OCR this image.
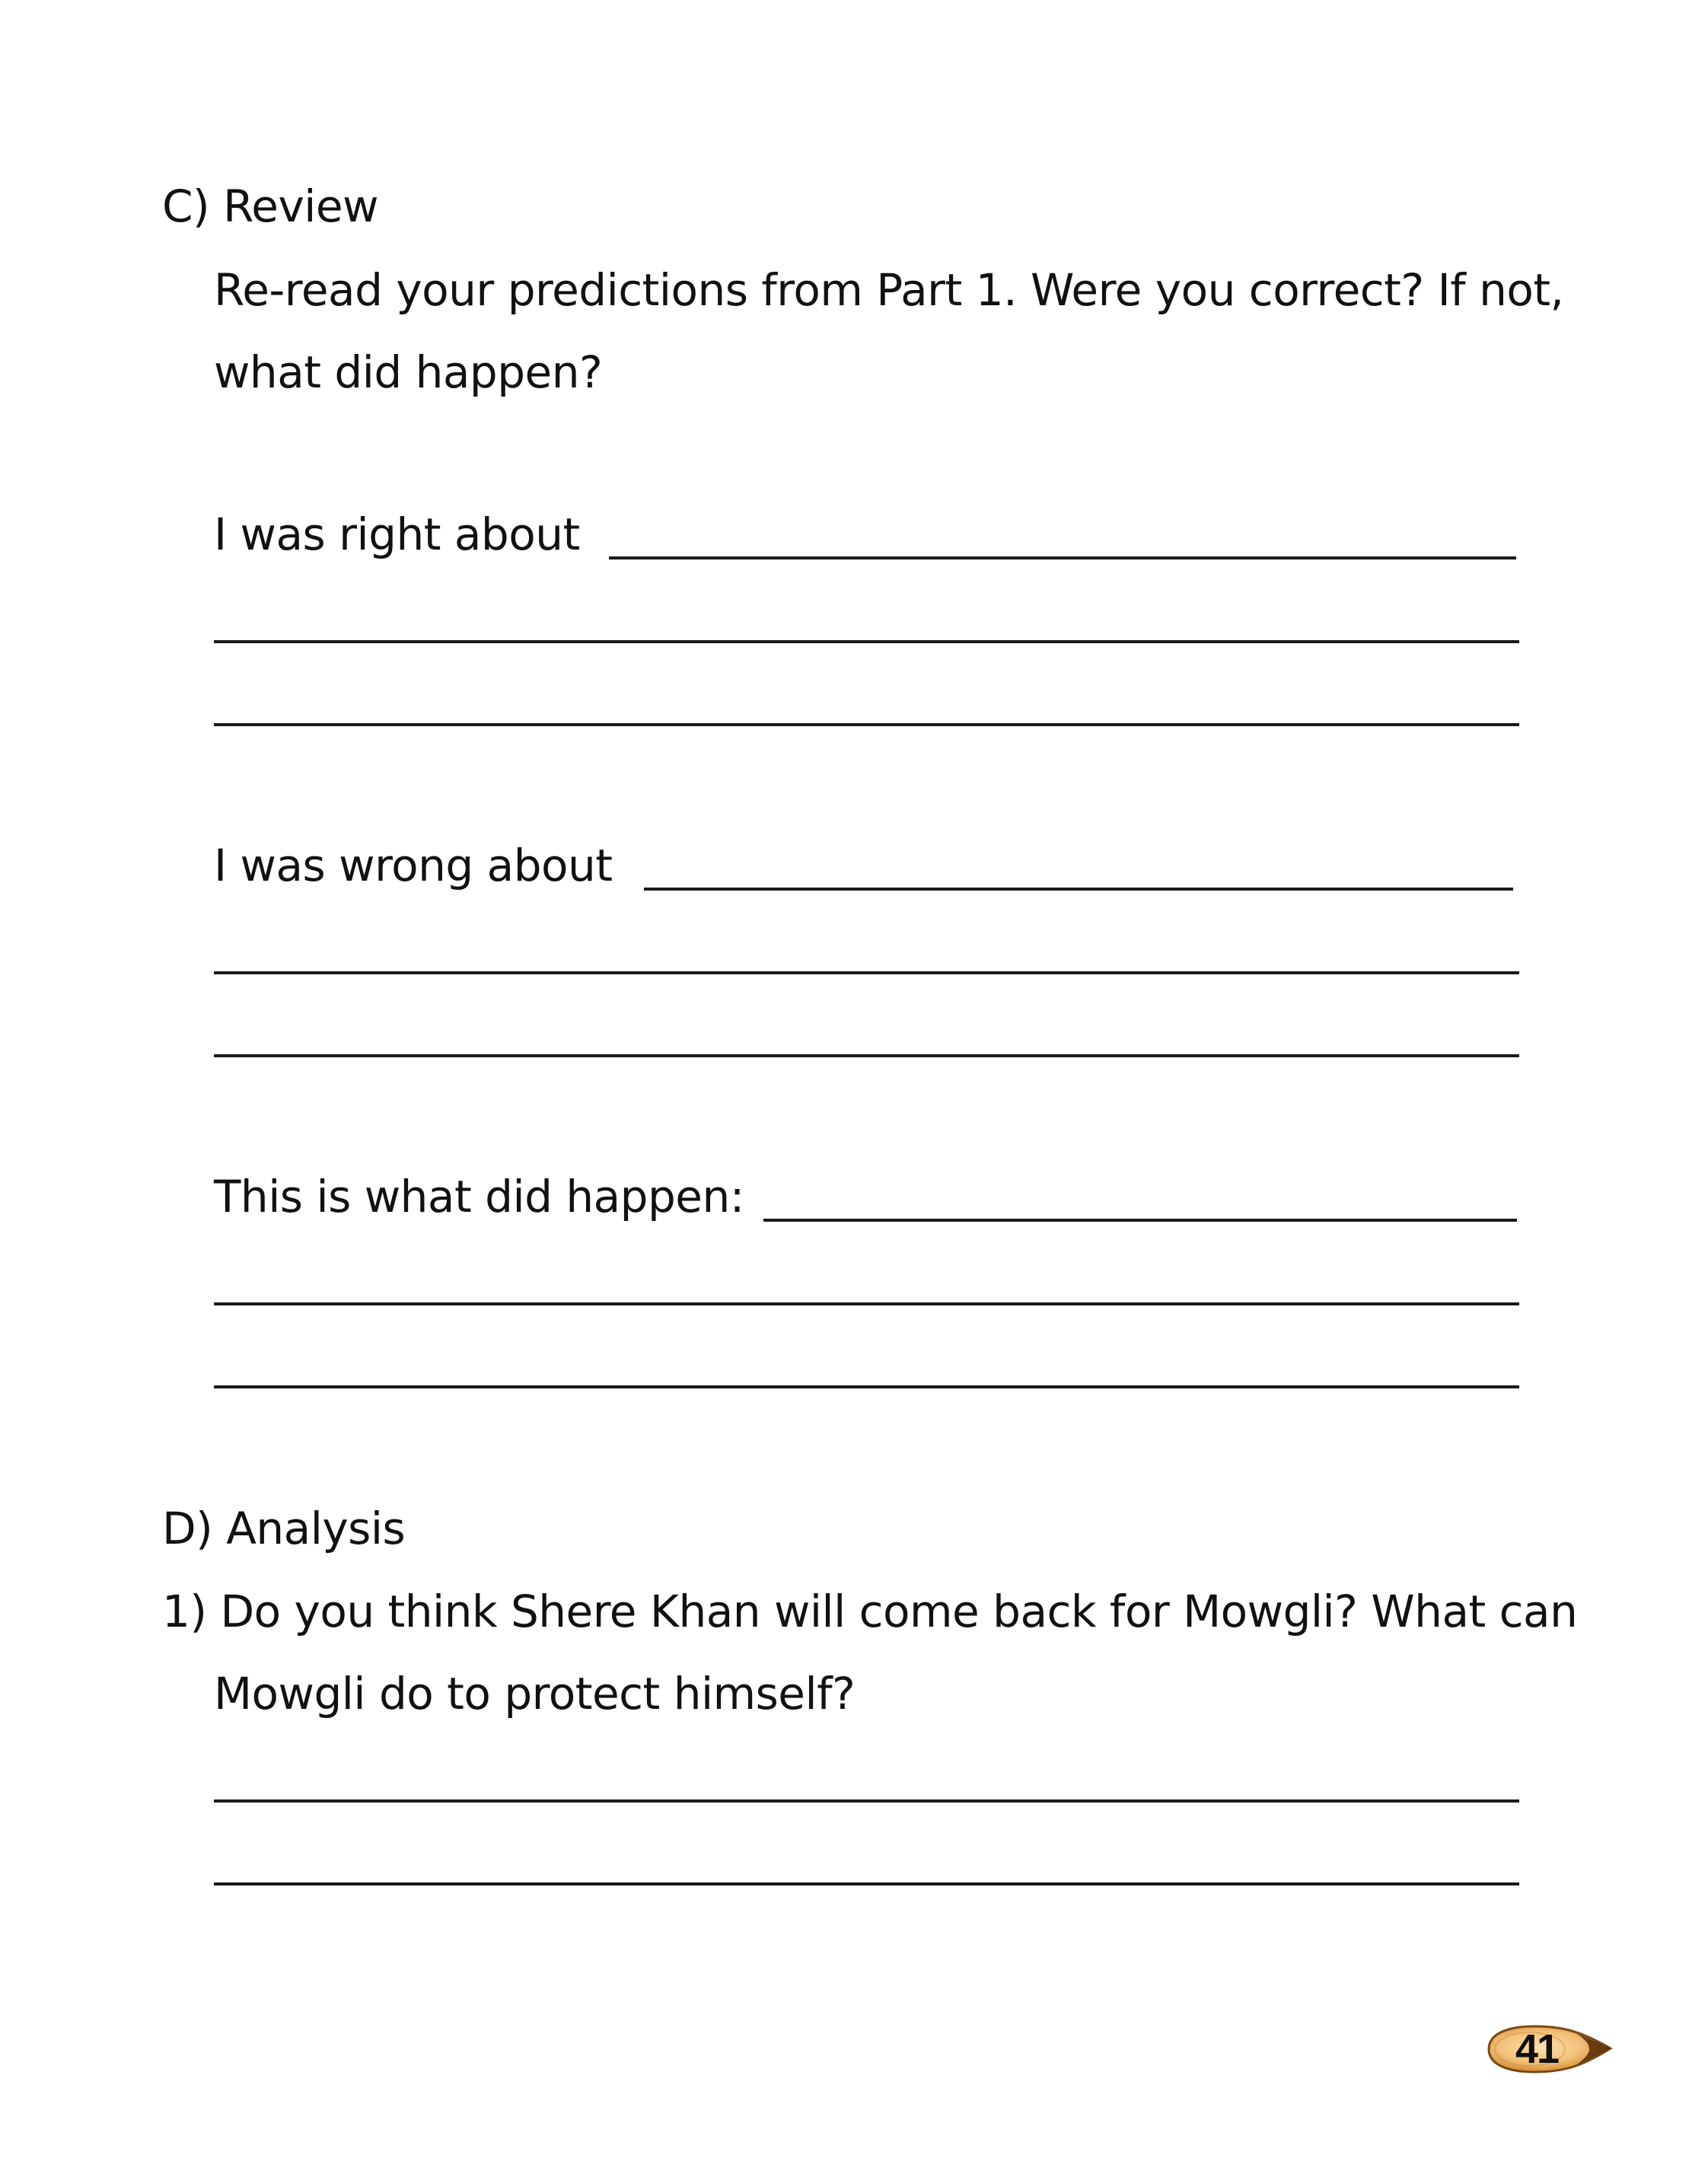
C) Review
Re-read your predictions from Part 1. Were you correct? If not,
what did happen?
I was right about
I was wrong about
This is what did happen:
D) Analysis
1) Do you think Shere Khan will come back for Mowgli? What can
Mowgli do to protect himself?
41
